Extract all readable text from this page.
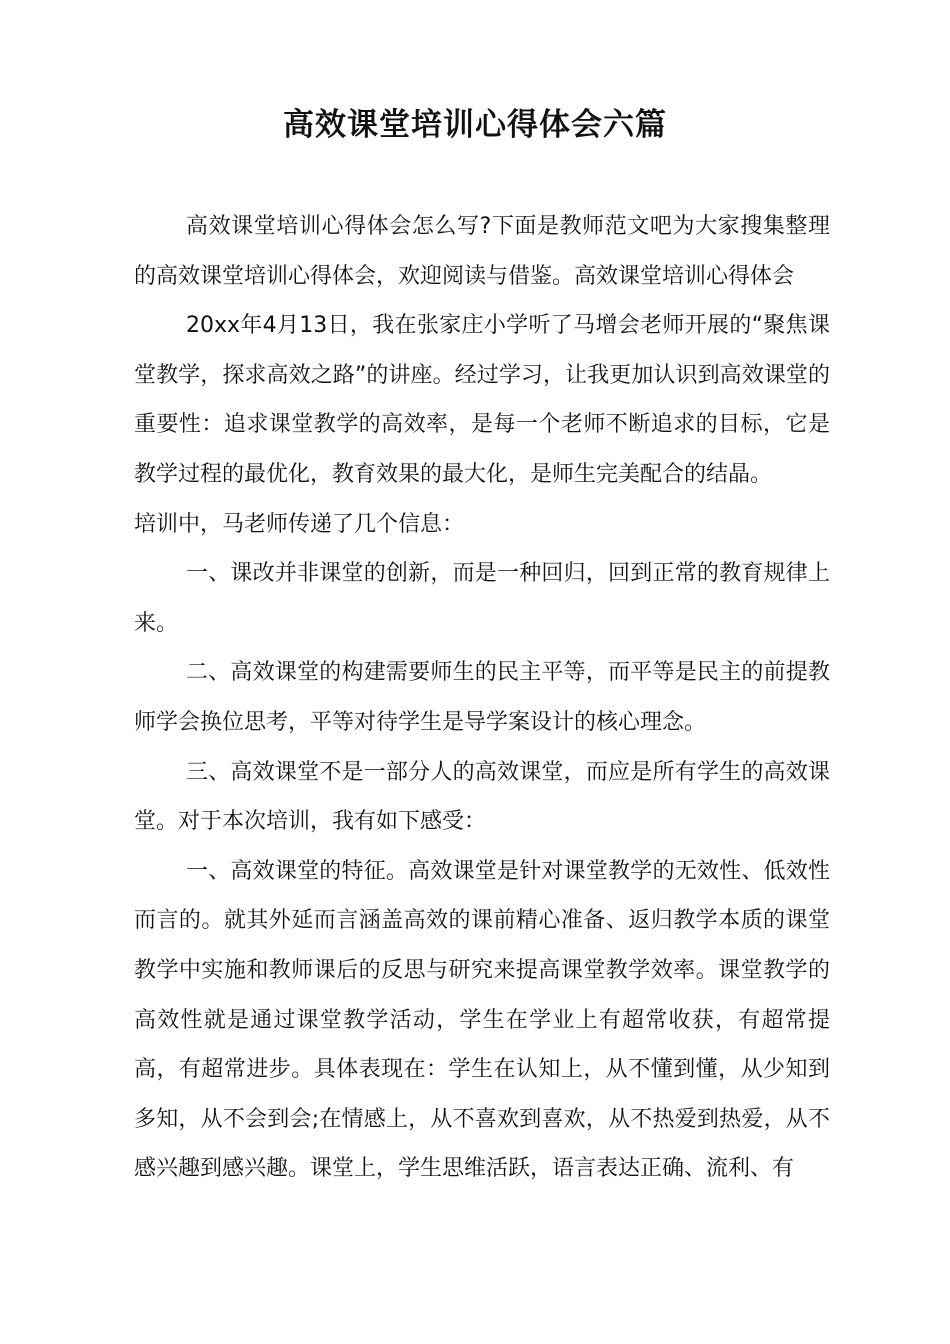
高效课堂培训心得体会六篇

高效课堂培训心得体会怎么写?下面是教师范文吧为大家搜集整理的高效课堂培训心得体会，欢迎阅读与借鉴。高效课堂培训心得体会

20xx年4月13日，我在张家庄小学听了马增会老师开展的“聚焦课堂教学，探求高效之路”的讲座。经过学习，让我更加认识到高效课堂的重要性：追求课堂教学的高效率，是每一个老师不断追求的目标，它是教学过程的最优化，教育效果的最大化，是师生完美配合的结晶。

培训中，马老师传递了几个信息：

一、课改并非课堂的创新，而是一种回归，回到正常的教育规律上来。

二、高效课堂的构建需要师生的民主平等，而平等是民主的前提教师学会换位思考，平等对待学生是导学案设计的核心理念。

三、高效课堂不是一部分人的高效课堂，而应是所有学生的高效课堂。对于本次培训，我有如下感受：

一、高效课堂的特征。高效课堂是针对课堂教学的无效性、低效性而言的。就其外延而言涵盖高效的课前精心准备、返归教学本质的课堂教学中实施和教师课后的反思与研究来提高课堂教学效率。课堂教学的高效性就是通过课堂教学活动，学生在学业上有超常收获，有超常提高，有超常进步。具体表现在：学生在认知上，从不懂到懂，从少知到多知，从不会到会;在情感上，从不喜欢到喜欢，从不热爱到热爱，从不感兴趣到感兴趣。课堂上，学生思维活跃，语言表达正确、流利、有
